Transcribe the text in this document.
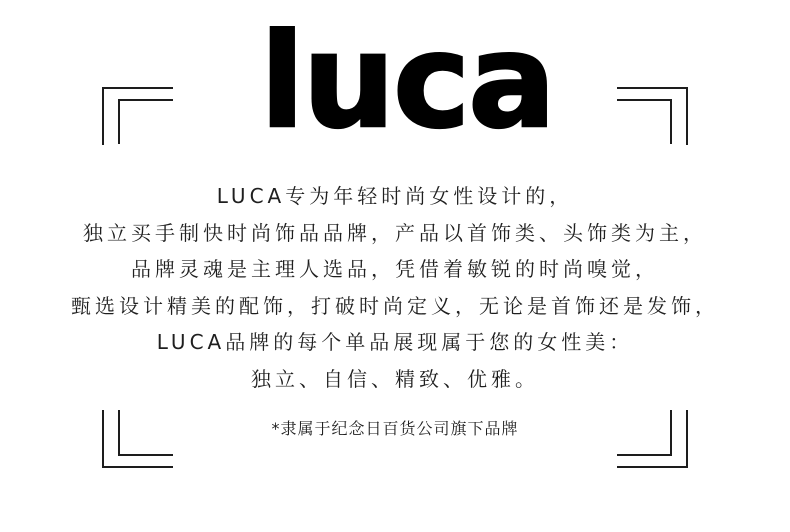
luca

LUCA专为年轻时尚女性设计的，

独立买手制快时尚饰品品牌，产品以首饰类、头饰类为主，

品牌灵魂是主理人选品，凭借着敏锐的时尚嗅觉，

甄选设计精美的配饰，打破时尚定义，无论是首饰还是发饰，

LUCA品牌的每个单品展现属于您的女性美：

独立、自信、精致、优雅。

*隶属于纪念日百货公司旗下品牌
